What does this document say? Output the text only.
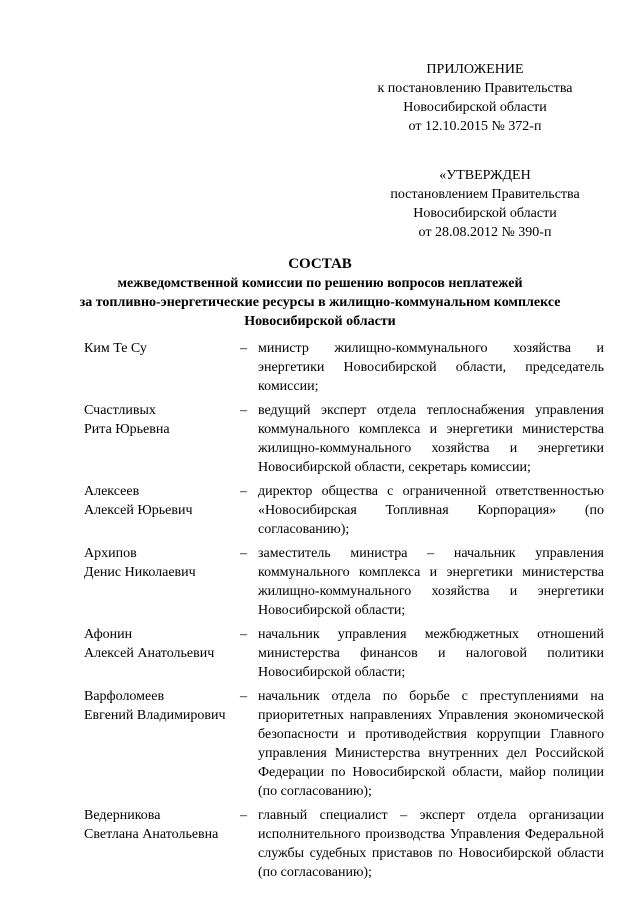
ПРИЛОЖЕНИЕ
к постановлению Правительства
Новосибирской области
от 12.10.2015 № 372-п
«УТВЕРЖДЕН
постановлением Правительства
Новосибирской области
от 28.08.2012 № 390-п
СОСТАВ
межведомственной комиссии по решению вопросов неплатежей
за топливно-энергетические ресурсы в жилищно-коммунальном комплексе
Новосибирской области
Ким Те Су	– министр жилищно-коммунального хозяйства и энергетики Новосибирской области, председатель комиссии;
Счастливых
Рита Юрьевна
– ведущий эксперт отдела теплоснабжения управления коммунального комплекса и энергетики министерства жилищно-коммунального хозяйства и энергетики Новосибирской области, секретарь комиссии;
Алексеев
Алексей Юрьевич
– директор общества с ограниченной ответственностью «Новосибирская Топливная Корпорация» (по согласованию);
Архипов
Денис Николаевич
– заместитель министра – начальник управления коммунального комплекса и энергетики министерства жилищно-коммунального хозяйства и энергетики Новосибирской области;
Афонин
Алексей Анатольевич
– начальник управления межбюджетных отношений министерства финансов и налоговой политики Новосибирской области;
Варфоломеев
Евгений Владимирович
– начальник отдела по борьбе с преступлениями на приоритетных направлениях Управления экономической безопасности и противодействия коррупции Главного управления Министерства внутренних дел Российской Федерации по Новосибирской области, майор полиции (по согласованию);
Ведерникова
Светлана Анатольевна
– главный специалист – эксперт отдела организации исполнительного производства Управления Федеральной службы судебных приставов по Новосибирской области (по согласованию);
